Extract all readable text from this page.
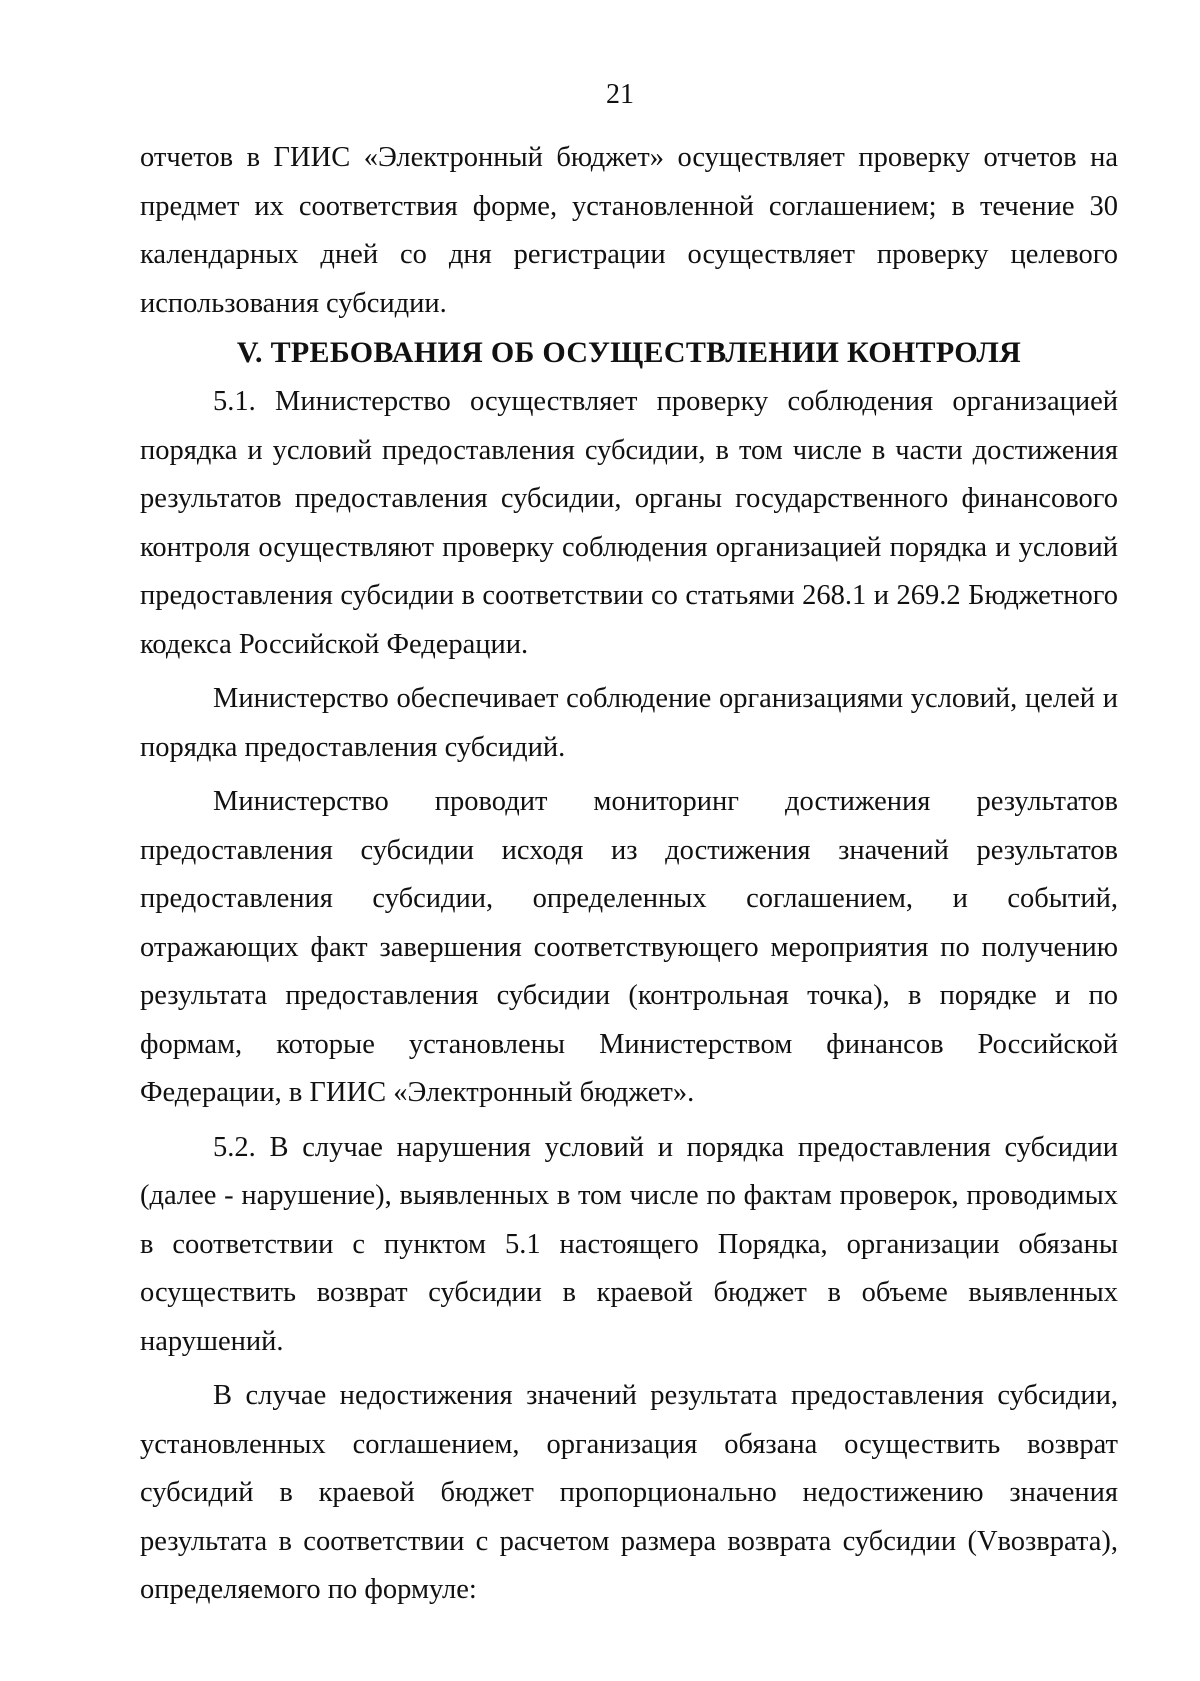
21

отчетов в ГИИС «Электронный бюджет» осуществляет проверку отчетов на предмет их соответствия форме, установленной соглашением; в течение 30 календарных дней со дня регистрации осуществляет проверку целевого использования субсидии.

V. ТРЕБОВАНИЯ ОБ ОСУЩЕСТВЛЕНИИ КОНТРОЛЯ

5.1. Министерство осуществляет проверку соблюдения организацией порядка и условий предоставления субсидии, в том числе в части достижения результатов предоставления субсидии, органы государственного финансового контроля осуществляют проверку соблюдения организацией порядка и условий предоставления субсидии в соответствии со статьями 268.1 и 269.2 Бюджетного кодекса Российской Федерации.

Министерство обеспечивает соблюдение организациями условий, целей и порядка предоставления субсидий.

Министерство проводит мониторинг достижения результатов предоставления субсидии исходя из достижения значений результатов предоставления субсидии, определенных соглашением, и событий, отражающих факт завершения соответствующего мероприятия по получению результата предоставления субсидии (контрольная точка), в порядке и по формам, которые установлены Министерством финансов Российской Федерации, в ГИИС «Электронный бюджет».

5.2. В случае нарушения условий и порядка предоставления субсидии (далее - нарушение), выявленных в том числе по фактам проверок, проводимых в соответствии с пунктом 5.1 настоящего Порядка, организации обязаны осуществить возврат субсидии в краевой бюджет в объеме выявленных нарушений.

В случае недостижения значений результата предоставления субсидии, установленных соглашением, организация обязана осуществить возврат субсидий в краевой бюджет пропорционально недостижению значения результата в соответствии с расчетом размера возврата субсидии (Vвозврата), определяемого по формуле:
